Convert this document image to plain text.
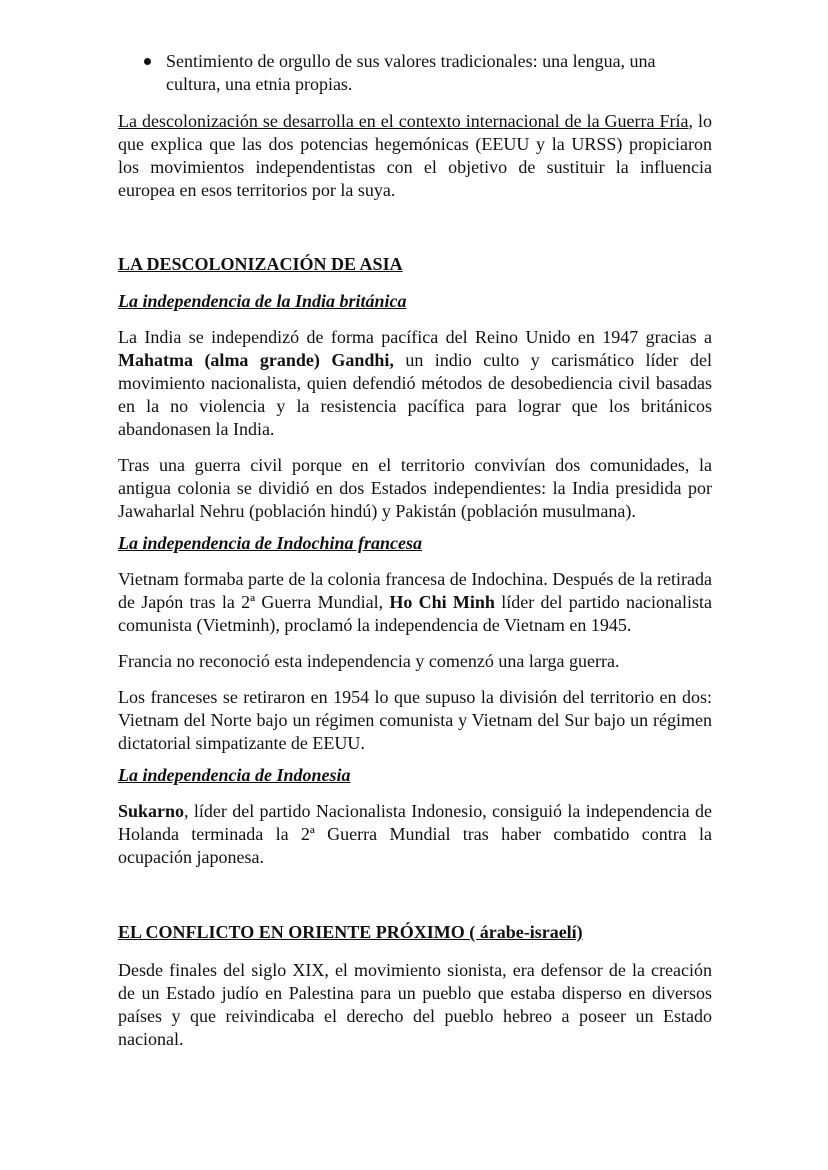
Sentimiento de orgullo de sus valores tradicionales: una lengua, una cultura, una etnia propias.

La descolonización se desarrolla en el contexto internacional de la Guerra Fría, lo que explica que las dos potencias hegemónicas (EEUU y la URSS) propiciaron los movimientos independentistas con el objetivo de sustituir la influencia europea en esos territorios por la suya.

LA DESCOLONIZACIÓN DE ASIA
La independencia de la India británica

La India se independizó de forma pacífica del Reino Unido en 1947 gracias a Mahatma (alma grande) Gandhi, un indio culto y carismático líder del movimiento nacionalista, quien defendió métodos de desobediencia civil basadas en la no violencia y la resistencia pacífica para lograr que los británicos abandonasen la India.

Tras una guerra civil porque en el territorio convivían dos comunidades, la antigua colonia se dividió en dos Estados independientes: la India presidida por Jawaharlal Nehru (población hindú) y Pakistán (población musulmana).

La independencia de Indochina francesa

Vietnam formaba parte de la colonia francesa de Indochina. Después de la retirada de Japón tras la 2ª Guerra Mundial, Ho Chi Minh líder del partido nacionalista comunista (Vietminh), proclamó la independencia de Vietnam en 1945.

Francia no reconoció esta independencia y comenzó una larga guerra.

Los franceses se retiraron en 1954 lo que supuso la división del territorio en dos: Vietnam del Norte bajo un régimen comunista y Vietnam del Sur bajo un régimen dictatorial simpatizante de EEUU.

La independencia de Indonesia

Sukarno, líder del partido Nacionalista Indonesio, consiguió la independencia de Holanda terminada la 2ª Guerra Mundial tras haber combatido contra la ocupación japonesa.

EL CONFLICTO EN ORIENTE PRÓXIMO ( árabe-israelí)

Desde finales del siglo XIX, el movimiento sionista, era defensor de la creación de un Estado judío en Palestina para un pueblo que estaba disperso en diversos países y que reivindicaba el derecho del pueblo hebreo a poseer un Estado nacional.
